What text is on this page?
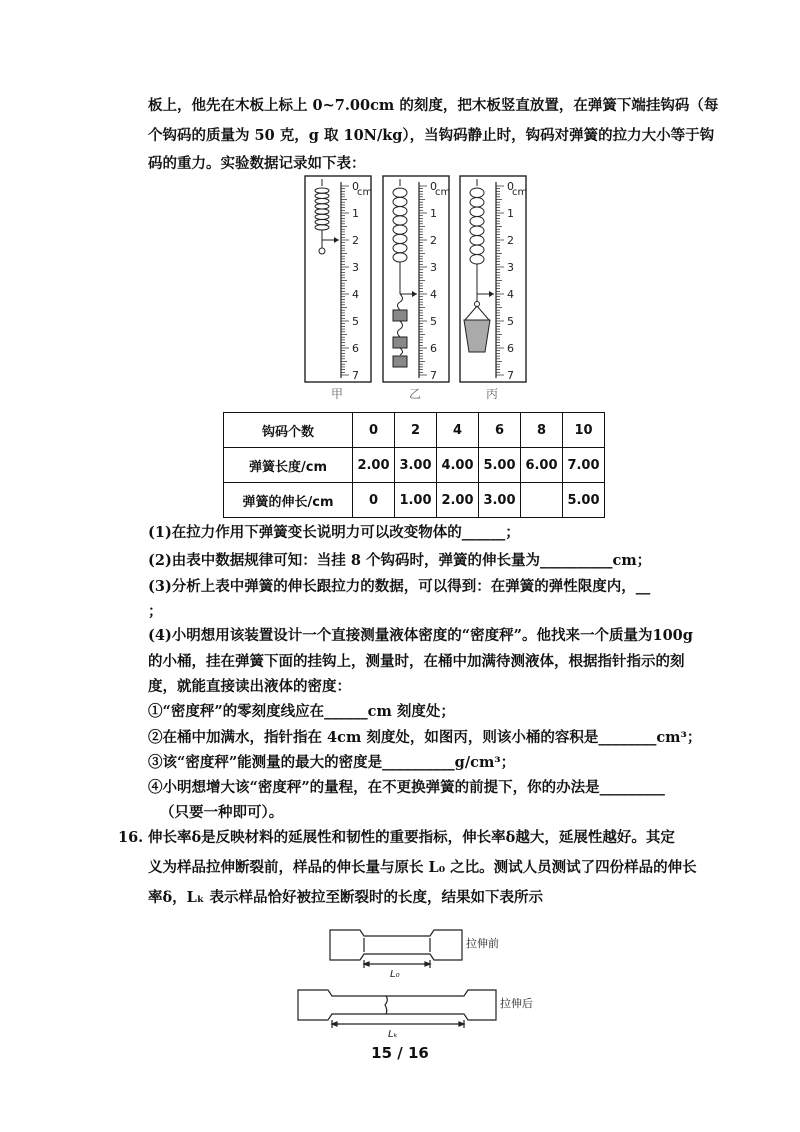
板上，他先在木板上标上 0~7.00cm 的刻度，把木板竖直放置，在弹簧下端挂钩码（每
个钩码的质量为 50 克，g 取 10N/kg），当钩码静止时，钩码对弹簧的拉力大小等于钩
码的重力。实验数据记录如下表：
0
1
2
3
4
5
6
7
cm
甲
0
1
2
3
4
5
6
7
cm
乙
0
1
2
3
4
5
6
7
cm
丙
钩码个数	0	2	4	6	8	10
弹簧长度/cm	2.00	3.00	4.00	5.00	6.00	7.00
弹簧的伸长/cm	0	1.00	2.00	3.00		5.00
(1)在拉力作用下弹簧变长说明力可以改变物体的______；
(2)由表中数据规律可知：当挂 8 个钩码时，弹簧的伸长量为__________cm；
(3)分析上表中弹簧的伸长跟拉力的数据，可以得到：在弹簧的弹性限度内，__
；
(4)小明想用该装置设计一个直接测量液体密度的“密度秤”。他找来一个质量为100g
的小桶，挂在弹簧下面的挂钩上，测量时，在桶中加满待测液体，根据指针指示的刻
度，就能直接读出液体的密度：
①“密度秤”的零刻度线应在______cm 刻度处；
②在桶中加满水，指针指在 4cm 刻度处，如图丙，则该小桶的容积是________cm³；
③该“密度秤”能测量的最大的密度是__________g/cm³；
④小明想增大该“密度秤”的量程，在不更换弹簧的前提下，你的办法是_________
（只要一种即可）。
16. 伸长率δ是反映材料的延展性和韧性的重要指标，伸长率δ越大，延展性越好。其定
义为样品拉伸断裂前，样品的伸长量与原长 L₀ 之比。测试人员测试了四份样品的伸长
率δ，Lₖ 表示样品恰好被拉至断裂时的长度，结果如下表所示
拉伸前
L₀
拉伸后
Lₖ
15 / 16
